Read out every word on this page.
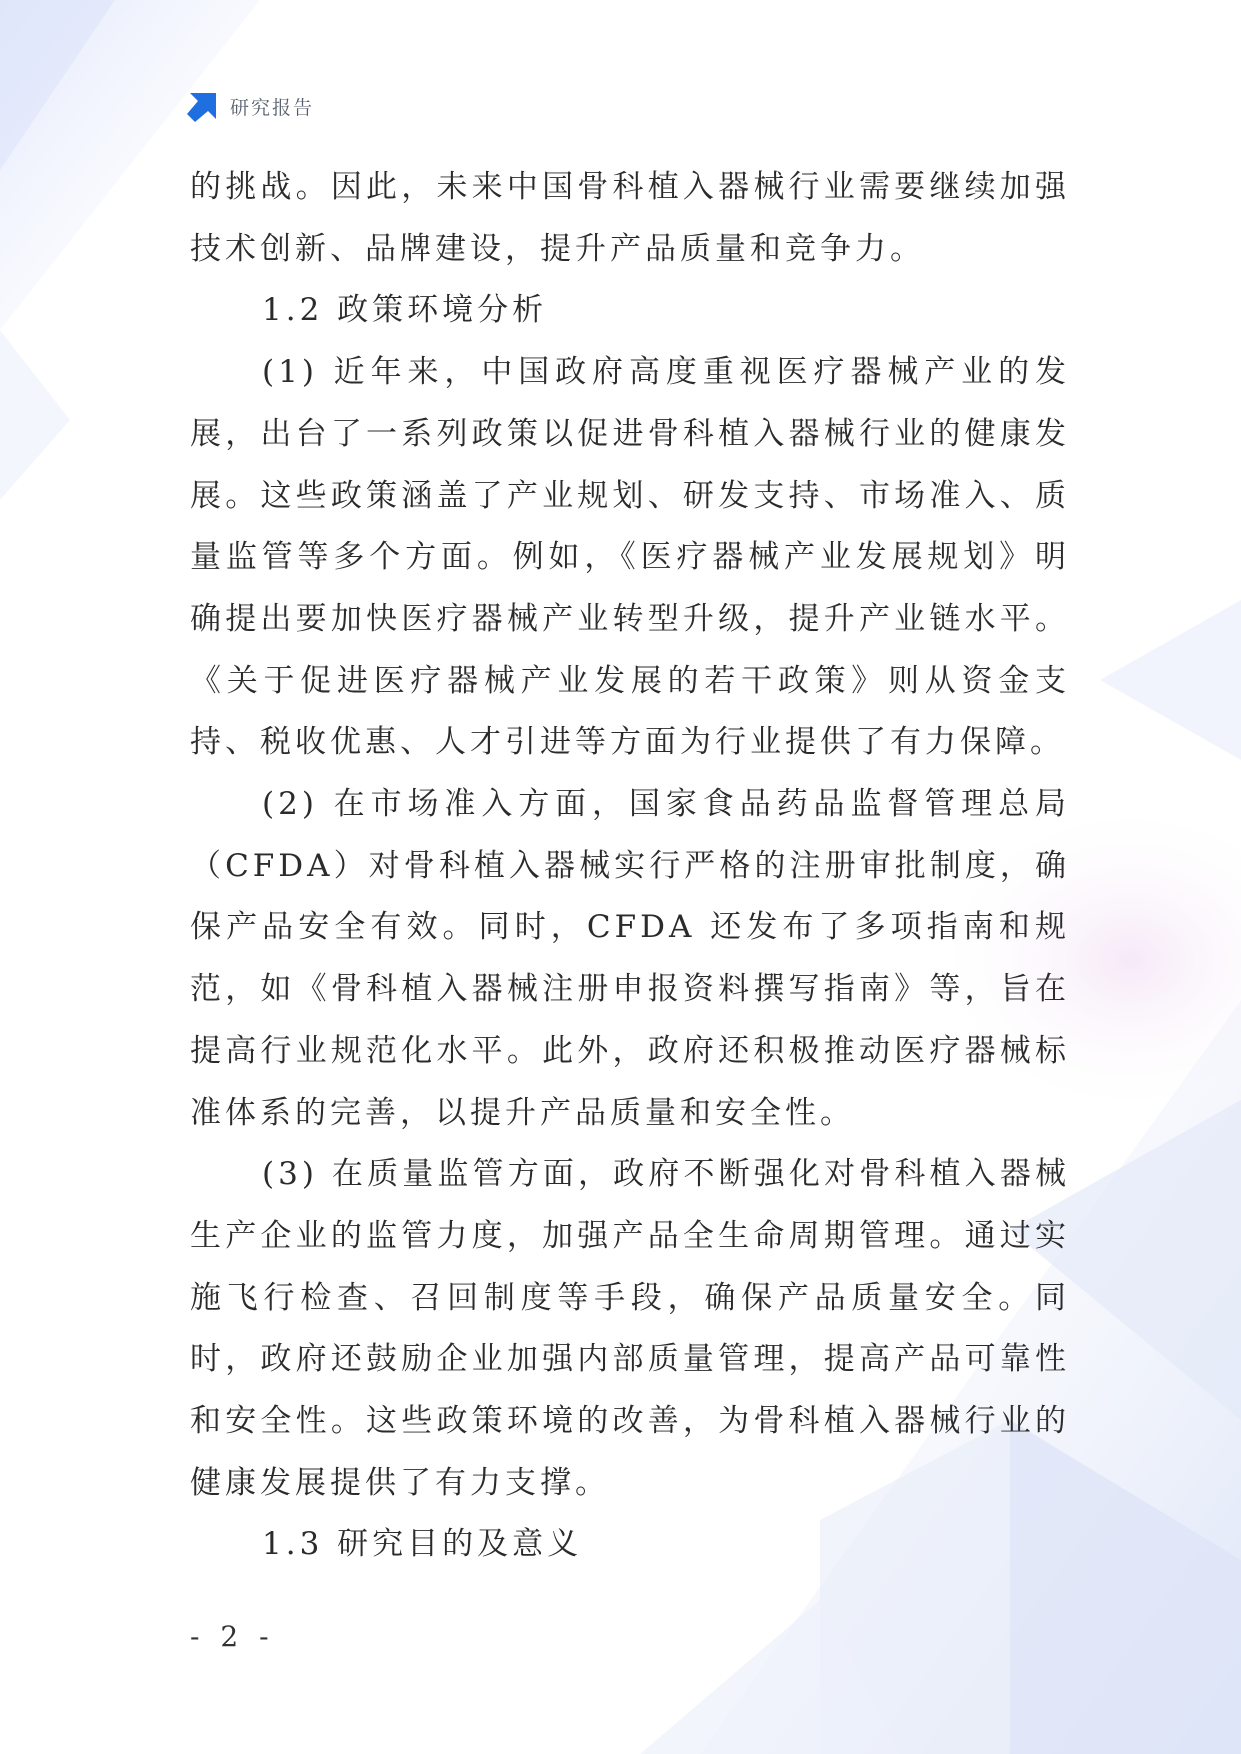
研究报告

的挑战。因此，未来中国骨科植入器械行业需要继续加强技术创新、品牌建设，提升产品质量和竞争力。

1.2 政策环境分析

(1) 近年来，中国政府高度重视医疗器械产业的发展，出台了一系列政策以促进骨科植入器械行业的健康发展。这些政策涵盖了产业规划、研发支持、市场准入、质量监管等多个方面。例如，《医疗器械产业发展规划》明确提出要加快医疗器械产业转型升级，提升产业链水平。《关于促进医疗器械产业发展的若干政策》则从资金支持、税收优惠、人才引进等方面为行业提供了有力保障。

(2) 在市场准入方面，国家食品药品监督管理总局（CFDA）对骨科植入器械实行严格的注册审批制度，确保产品安全有效。同时，CFDA 还发布了多项指南和规范，如《骨科植入器械注册申报资料撰写指南》等，旨在提高行业规范化水平。此外，政府还积极推动医疗器械标准体系的完善，以提升产品质量和安全性。

(3) 在质量监管方面，政府不断强化对骨科植入器械生产企业的监管力度，加强产品全生命周期管理。通过实施飞行检查、召回制度等手段，确保产品质量安全。同时，政府还鼓励企业加强内部质量管理，提高产品可靠性和安全性。这些政策环境的改善，为骨科植入器械行业的健康发展提供了有力支撑。

1.3 研究目的及意义

- 2 -
